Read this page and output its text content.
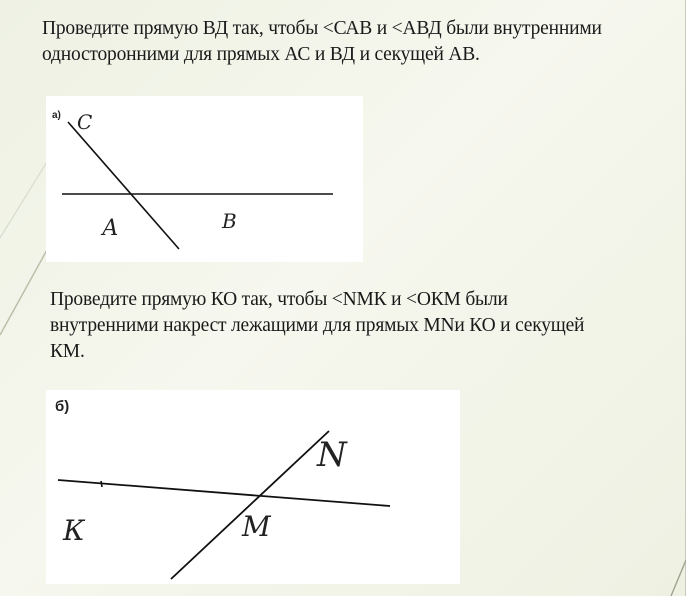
Проведите прямую ВД так, чтобы <САВ и <АВД были внутренними односторонними для прямых АС и ВД и секущей АВ.

а) С
А	В

Проведите прямую КО так, чтобы <NМК и <ОКМ были внутренними накрест лежащими для прямых МNи КО и секущей КМ.

б)
N
К	М
